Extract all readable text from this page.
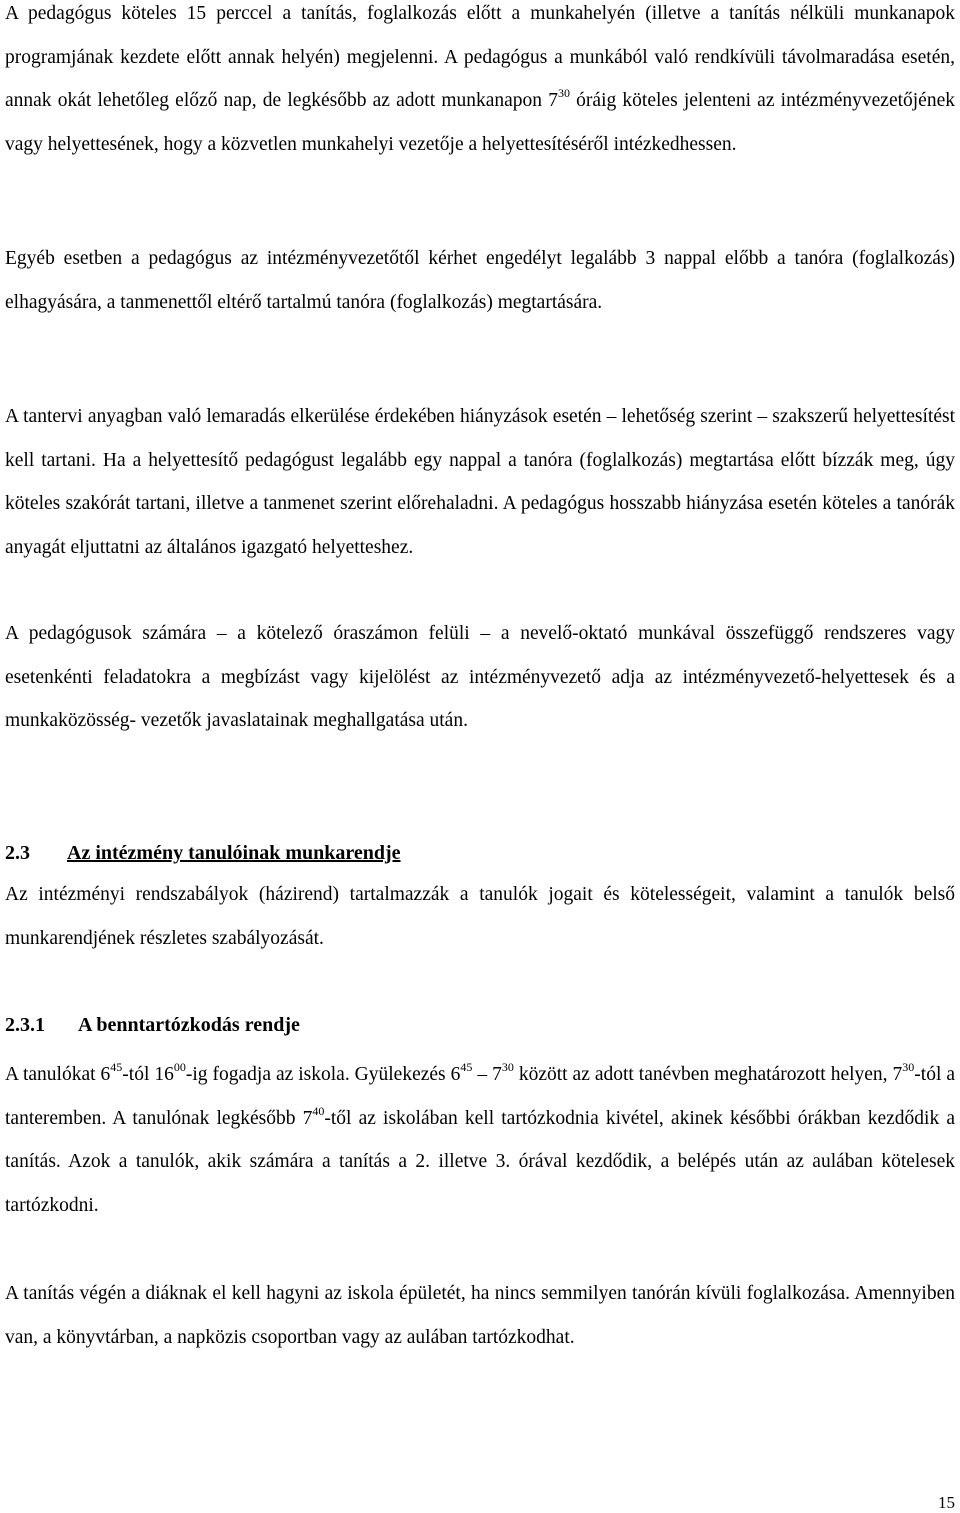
A pedagógus köteles 15 perccel a tanítás, foglalkozás előtt a munkahelyén (illetve a tanítás nélküli munkanapok programjának kezdete előtt annak helyén) megjelenni. A pedagógus a munkából való rendkívüli távolmaradása esetén, annak okát lehetőleg előző nap, de legkésőbb az adott munkanapon $7^{30}$ óráig köteles jelenteni az intézményvezetőjének vagy helyettesének, hogy a közvetlen munkahelyi vezetője a helyettesítéséről intézkedhessen.

Egyéb esetben a pedagógus az intézményvezetőtől kérhet engedélyt legalább 3 nappal előbb a tanóra (foglalkozás) elhagyására, a tanmenettől eltérő tartalmú tanóra (foglalkozás) megtartására.

A tantervi anyagban való lemaradás elkerülése érdekében hiányzások esetén – lehetőség szerint – szakszerű helyettesítést kell tartani. Ha a helyettesítő pedagógust legalább egy nappal a tanóra (foglalkozás) megtartása előtt bízzák meg, úgy köteles szakórát tartani, illetve a tanmenet szerint előrehaladni. A pedagógus hosszabb hiányzása esetén köteles a tanórák anyagát eljuttatni az általános igazgató helyetteshez.

A pedagógusok számára – a kötelező óraszámon felüli – a nevelő-oktató munkával összefüggő rendszeres vagy esetenkénti feladatokra a megbízást vagy kijelölést az intézményvezető adja az intézményvezető-helyettesek és a munkaközösség- vezetők javaslatainak meghallgatása után.

2.3 Az intézmény tanulóinak munkarendje

Az intézményi rendszabályok (házirend) tartalmazzák a tanulók jogait és kötelességeit, valamint a tanulók belső munkarendjének részletes szabályozását.

2.3.1 A benntartózkodás rendje

A tanulókat $6^{45}$-tól $16^{00}-ig$ fogadja az iskola. Gyülekezés $6^{45} - 7^{30}$ között az adott tanévben meghatározott helyen, $7^{30}$-tól a tanteremben. A tanulónak legkésőbb $7^{40}$-től az iskolában kell tartózkodnia kivétel, akinek későbbi órákban kezdődik a tanítás. Azok a tanulók, akik számára a tanítás a 2. illetve 3. órával kezdődik, a belépés után az aulában kötelesek tartózkodni.

A tanítás végén a diáknak el kell hagyni az iskola épületét, ha nincs semmilyen tanórán kívüli foglalkozása. Amennyiben van, a könyvtárban, a napközis csoportban vagy az aulában tartózkodhat.

15
